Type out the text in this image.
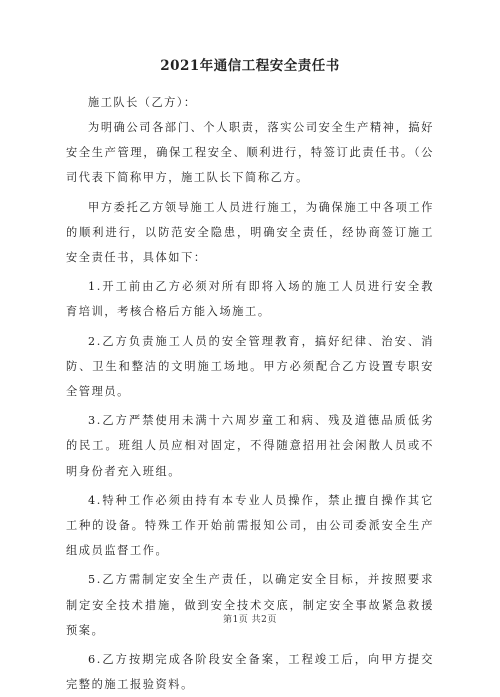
2021年通信工程安全责任书
施工队长（乙方）：

为明确公司各部门、个人职责，落实公司安全生产精神，搞好安全生产管理，确保工程安全、顺利进行，特签订此责任书。（公司代表下简称甲方，施工队长下简称乙方。

甲方委托乙方领导施工人员进行施工，为确保施工中各项工作的顺利进行，以防范安全隐患，明确安全责任，经协商签订施工安全责任书，具体如下：

1.开工前由乙方必须对所有即将入场的施工人员进行安全教育培训，考核合格后方能入场施工。

2.乙方负责施工人员的安全管理教育，搞好纪律、治安、消防、卫生和整洁的文明施工场地。甲方必须配合乙方设置专职安全管理员。

3.乙方严禁使用未满十六周岁童工和病、残及道德品质低劣的民工。班组人员应相对固定，不得随意招用社会闲散人员或不明身份者充入班组。

4.特种工作必须由持有本专业人员操作，禁止擅自操作其它工种的设备。特殊工作开始前需报知公司，由公司委派安全生产组成员监督工作。

5.乙方需制定安全生产责任，以确定安全目标，并按照要求制定安全技术措施，做到安全技术交底，制定安全事故紧急救援预案。

6.乙方按期完成各阶段安全备案，工程竣工后，向甲方提交完整的施工报验资料。

第1页 共2页
